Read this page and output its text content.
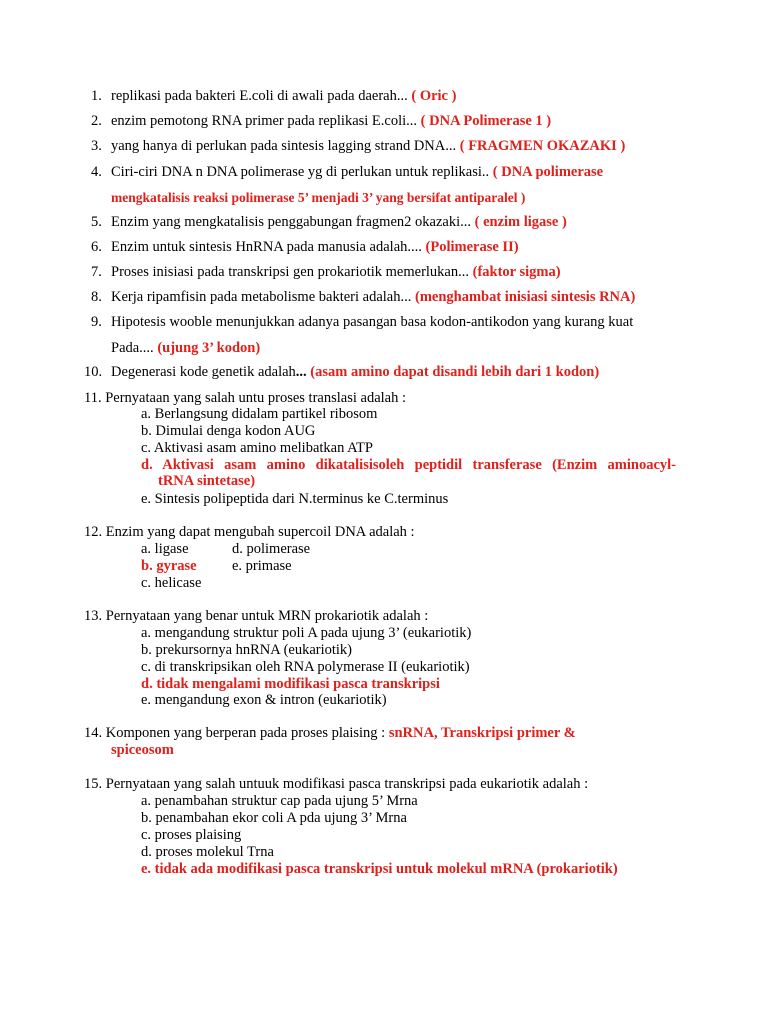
1. replikasi pada bakteri E.coli di awali pada daerah... ( Oric )
2. enzim pemotong RNA primer pada replikasi E.coli... ( DNA Polimerase 1 )
3. yang hanya di perlukan pada sintesis lagging strand DNA... ( FRAGMEN OKAZAKI )
4. Ciri-ciri DNA n DNA polimerase yg di perlukan untuk replikasi.. ( DNA polimerase
mengkatalisis reaksi polimerase 5’ menjadi 3’ yang bersifat antiparalel )
5. Enzim yang mengkatalisis penggabungan fragmen2 okazaki... ( enzim ligase )
6. Enzim untuk sintesis HnRNA pada manusia adalah.... (Polimerase II)
7. Proses inisiasi pada transkripsi gen prokariotik memerlukan... (faktor sigma)
8. Kerja ripamfisin pada metabolisme bakteri adalah... (menghambat inisiasi sintesis RNA)
9. Hipotesis wooble menunjukkan adanya pasangan basa kodon-antikodon yang kurang kuat
Pada.... (ujung 3’ kodon)
10. Degenerasi kode genetik adalah... (asam amino dapat disandi lebih dari 1 kodon)
11. Pernyataan yang salah untu proses translasi adalah :
a. Berlangsung didalam partikel ribosom
b. Dimulai denga kodon AUG
c. Aktivasi asam amino melibatkan ATP
d. Aktivasi asam amino dikatalisisoleh peptidil transferase (Enzim aminoacyl-
tRNA sintetase)
e. Sintesis polipeptida dari N.terminus ke C.terminus
12. Enzim yang dapat mengubah supercoil DNA adalah :
a. ligase	d. polimerase
b. gyrase e. primase
c. helicase
13. Pernyataan yang benar untuk MRN prokariotik adalah :
a. mengandung struktur poli A pada ujung 3’ (eukariotik)
b. prekursornya hnRNA (eukariotik)
c. di transkripsikan oleh RNA polymerase II (eukariotik)
d. tidak mengalami modifikasi pasca transkripsi
e. mengandung exon & intron (eukariotik)
14. Komponen yang berperan pada proses plaising : snRNA, Transkripsi primer &
spiceosom
15. Pernyataan yang salah untuuk modifikasi pasca transkripsi pada eukariotik adalah :
a. penambahan struktur cap pada ujung 5’ Mrna
b. penambahan ekor coli A pda ujung 3’ Mrna
c. proses plaising
d. proses molekul Trna
e. tidak ada modifikasi pasca transkripsi untuk molekul mRNA (prokariotik)
